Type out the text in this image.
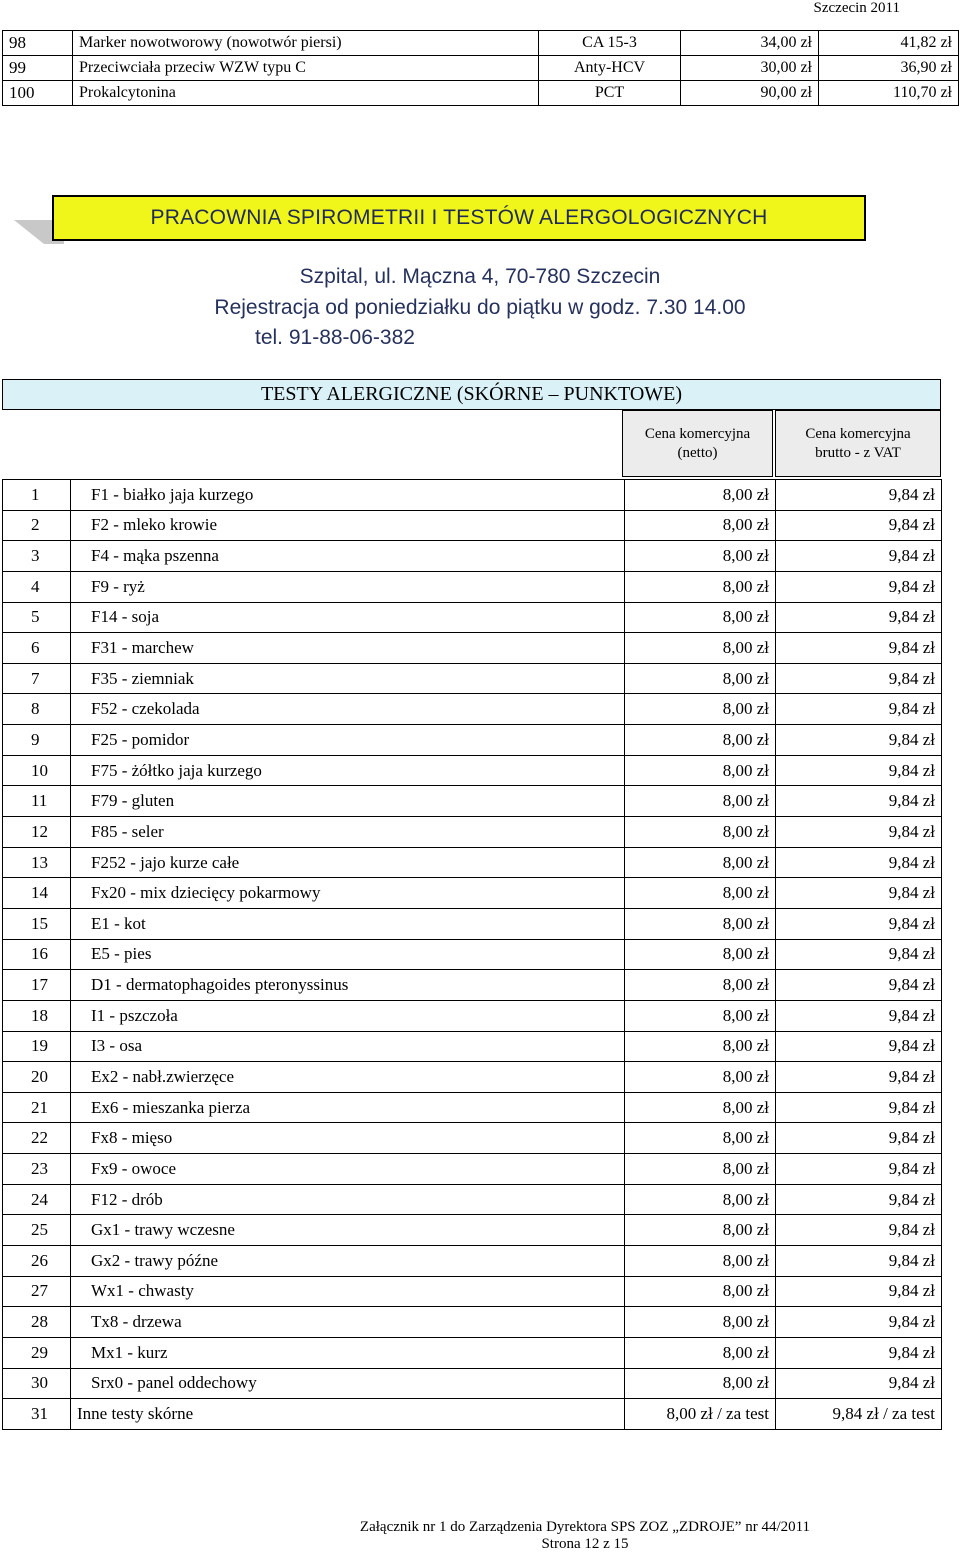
Szczecin 2011
98	Marker nowotworowy (nowotwór piersi)	CA 15-3	34,00 zł	41,82 zł
99	Przeciwciała przeciw WZW typu C	Anty-HCV	30,00 zł	36,90 zł
100	Prokalcytonina	PCT	90,00 zł	110,70 zł
PRACOWNIA SPIROMETRII I TESTÓW ALERGOLOGICZNYCH
Szpital, ul. Mączna 4, 70-780 Szczecin
Rejestracja od poniedziałku do piątku w godz. 7.30 14.00
tel. 91-88-06-382
TESTY ALERGICZNE (SKÓRNE – PUNKTOWE)
Cena komercyjna
(netto)
Cena komercyjna
brutto - z VAT
1	F1 - białko jaja kurzego	8,00 zł	9,84 zł
2	F2 - mleko krowie	8,00 zł	9,84 zł
3	F4 - mąka pszenna	8,00 zł	9,84 zł
4	F9 - ryż	8,00 zł	9,84 zł
5	F14 - soja	8,00 zł	9,84 zł
6	F31 - marchew	8,00 zł	9,84 zł
7	F35 - ziemniak	8,00 zł	9,84 zł
8	F52 - czekolada	8,00 zł	9,84 zł
9	F25 - pomidor	8,00 zł	9,84 zł
10	F75 - żółtko jaja kurzego	8,00 zł	9,84 zł
11	F79 - gluten	8,00 zł	9,84 zł
12	F85 - seler	8,00 zł	9,84 zł
13	F252 - jajo kurze całe	8,00 zł	9,84 zł
14	Fx20 - mix dziecięcy pokarmowy	8,00 zł	9,84 zł
15	E1 - kot	8,00 zł	9,84 zł
16	E5 - pies	8,00 zł	9,84 zł
17	D1 - dermatophagoides pteronyssinus	8,00 zł	9,84 zł
18	I1 - pszczoła	8,00 zł	9,84 zł
19	I3 - osa	8,00 zł	9,84 zł
20	Ex2 - nabł.zwierzęce	8,00 zł	9,84 zł
21	Ex6 - mieszanka pierza	8,00 zł	9,84 zł
22	Fx8 - mięso	8,00 zł	9,84 zł
23	Fx9 - owoce	8,00 zł	9,84 zł
24	F12 - drób	8,00 zł	9,84 zł
25	Gx1 - trawy wczesne	8,00 zł	9,84 zł
26	Gx2 - trawy późne	8,00 zł	9,84 zł
27	Wx1 - chwasty	8,00 zł	9,84 zł
28	Tx8 - drzewa	8,00 zł	9,84 zł
29	Mx1 - kurz	8,00 zł	9,84 zł
30	Srx0 - panel oddechowy	8,00 zł	9,84 zł
31	Inne testy skórne	8,00 zł / za test	9,84 zł / za test
Załącznik nr 1 do Zarządzenia Dyrektora SPS ZOZ „ZDROJE” nr 44/2011
Strona 12 z 15
